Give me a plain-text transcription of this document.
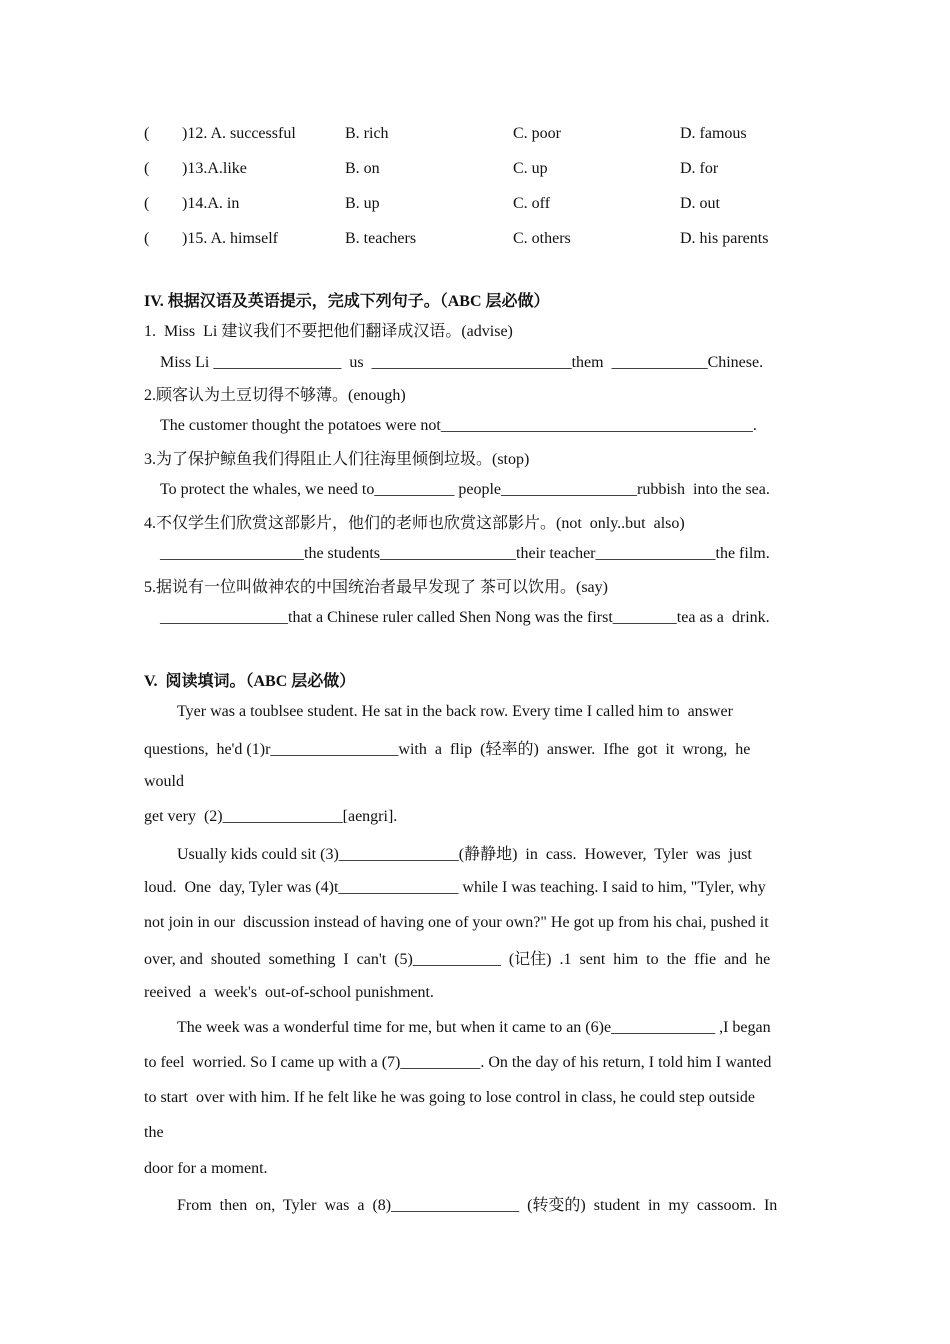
( )12. A. successful	B. rich	C. poor	D. famous
( )13.A.like	B. on	C. up	D. for
( )14.A. in	B. up	C. off	D. out
( )15. A. himself	B. teachers	C. others	D. his parents
IV. 根据汉语及英语提示，完成下列句子。（ABC 层必做）
1.  Miss  Li 建议我们不要把他们翻译成汉语。(advise)
Miss Li ________________  us  _________________________them  ____________Chinese.
2.顾客认为土豆切得不够薄。(enough)
The customer thought the potatoes were not_______________________________________.
3.为了保护鲸鱼我们得阻止人们往海里倾倒垃圾。(stop)
To protect the whales, we need to__________ people_________________rubbish  into the sea.
4.不仅学生们欣赏这部影片，他们的老师也欣赏这部影片。(not  only..but  also)
__________________the students_________________their teacher_______________the film.
5.据说有一位叫做神农的中国统治者最早发现了 茶可以饮用。(say)
________________that a Chinese ruler called Shen Nong was the first________tea as a  drink.
V.  阅读填词。（ABC 层必做）
Tyer was a toublsee student. He sat in the back row. Every time I called him to  answer
questions,  he'd (1)r________________with  a  flip  (轻率的)  answer.  Ifhe  got  it  wrong,  he
would
get very  (2)_______________[aengri].
Usually kids could sit (3)_______________(静静地)  in  cass.  However,  Tyler  was  just
loud.  One  day, Tyler was (4)t_______________ while I was teaching. I said to him, "Tyler, why
not join in our  discussion instead of having one of your own?" He got up from his chai, pushed it
over, and  shouted  something  I  can't  (5)___________  (记住)  .1  sent  him  to  the  ffie  and  he
reeived  a  week's  out-of-school punishment.
The week was a wonderful time for me, but when it came to an (6)e_____________ ,I began
to feel  worried. So I came up with a (7)__________. On the day of his return, I told him I wanted
to start  over with him. If he felt like he was going to lose control in class, he could step outside
the
door for a moment.
From  then  on,  Tyler  was  a  (8)________________  (转变的)  student  in  my  cassoom.  In
